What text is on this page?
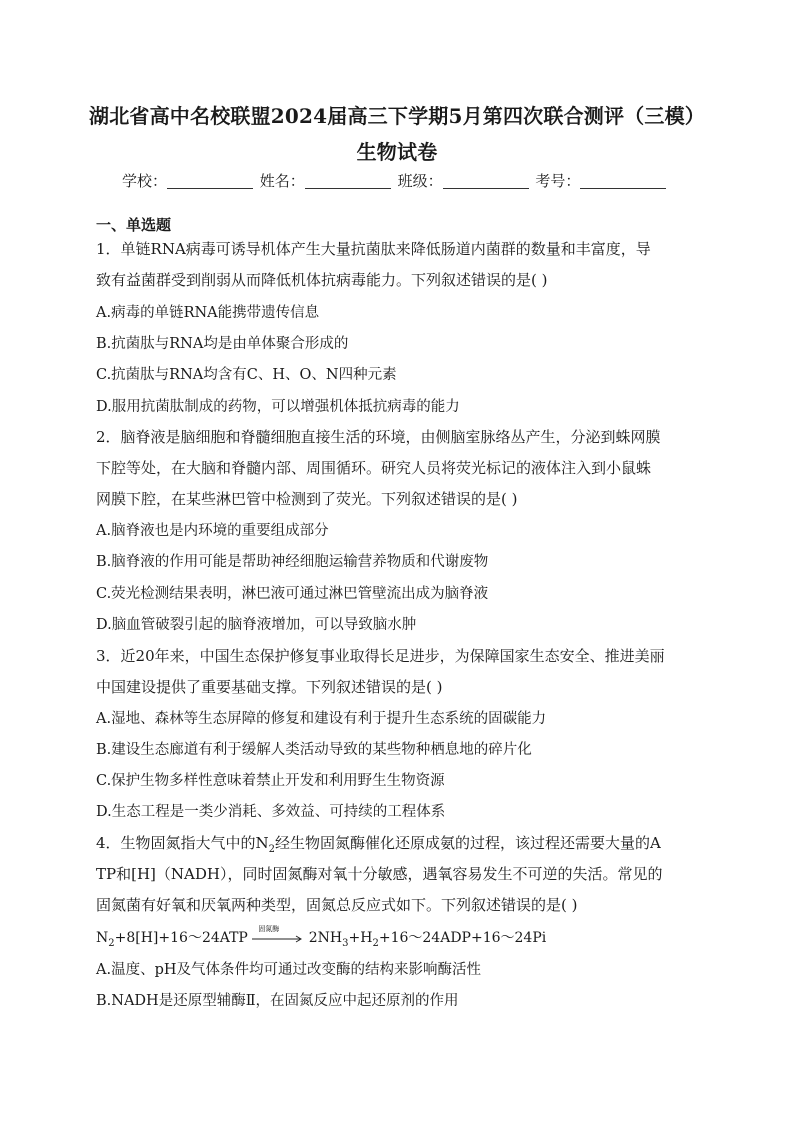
湖北省高中名校联盟2024届高三下学期5月第四次联合测评（三模）
生物试卷
学校：	姓名：	班级：	考号：
一、单选题
1．单链RNA病毒可诱导机体产生大量抗菌肽来降低肠道内菌群的数量和丰富度，导
致有益菌群受到削弱从而降低机体抗病毒能力。下列叙述错误的是( )
A.病毒的单链RNA能携带遗传信息
B.抗菌肽与RNA均是由单体聚合形成的
C.抗菌肽与RNA均含有C、H、O、N四种元素
D.服用抗菌肽制成的药物，可以增强机体抵抗病毒的能力
2．脑脊液是脑细胞和脊髓细胞直接生活的环境，由侧脑室脉络丛产生，分泌到蛛网膜
下腔等处，在大脑和脊髓内部、周围循环。研究人员将荧光标记的液体注入到小鼠蛛
网膜下腔，在某些淋巴管中检测到了荧光。下列叙述错误的是( )
A.脑脊液也是内环境的重要组成部分
B.脑脊液的作用可能是帮助神经细胞运输营养物质和代谢废物
C.荧光检测结果表明，淋巴液可通过淋巴管壁流出成为脑脊液
D.脑血管破裂引起的脑脊液增加，可以导致脑水肿
3．近20年来，中国生态保护修复事业取得长足进步，为保障国家生态安全、推进美丽
中国建设提供了重要基础支撑。下列叙述错误的是( )
A.湿地、森林等生态屏障的修复和建设有利于提升生态系统的固碳能力
B.建设生态廊道有利于缓解人类活动导致的某些物种栖息地的碎片化
C.保护生物多样性意味着禁止开发和利用野生生物资源
D.生态工程是一类少消耗、多效益、可持续的工程体系
4．生物固氮指大气中的$N_2$经生物固氮酶催化还原成氨的过程，该过程还需要大量的A
TP和[H]（NADH），同时固氮酶对氧十分敏感，遇氧容易发生不可逆的失活。常见的
固氮菌有好氧和厌氧两种类型，固氮总反应式如下。下列叙述错误的是( )
$N_2+8[H]+16\sim 24ATP$
固氮酶
$2NH_3+H_2+16\sim 24ADP+16\sim 24Pi$
A.温度、pH及气体条件均可通过改变酶的结构来影响酶活性
B.NADH是还原型辅酶Ⅱ，在固氮反应中起还原剂的作用
